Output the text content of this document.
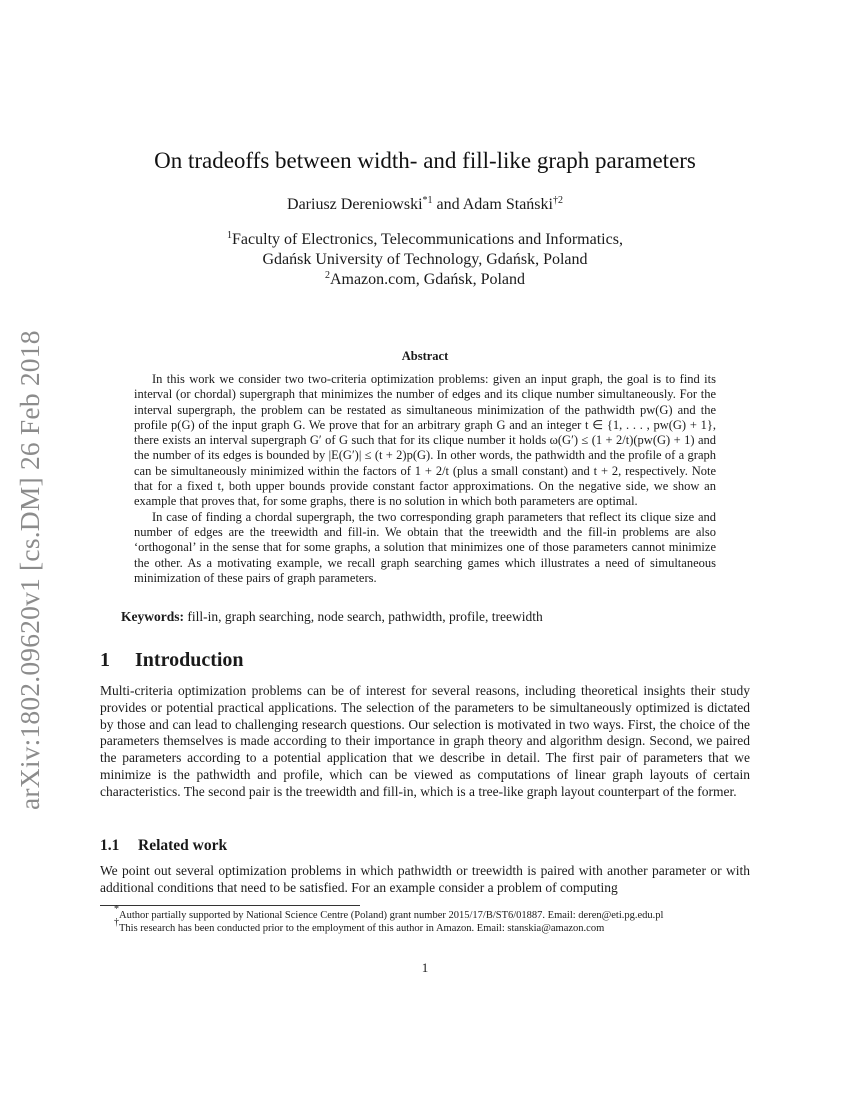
arXiv:1802.09620v1 [cs.DM] 26 Feb 2018
On tradeoffs between width- and fill-like graph parameters
Dariusz Dereniowski$^{*1}$ and Adam Stański$^{\dagger 2}$
$^1$Faculty of Electronics, Telecommunications and Informatics,
Gdańsk University of Technology, Gdańsk, Poland
$^2$Amazon.com, Gdańsk, Poland
Abstract

In this work we consider two two-criteria optimization problems: given an input graph, the goal is to find its interval (or chordal) supergraph that minimizes the number of edges and its clique number simultaneously. For the interval supergraph, the problem can be restated as simultaneous minimization of the pathwidth pw(G) and the profile p(G) of the input graph G. We prove that for an arbitrary graph G and an integer t ∈ {1, . . . , pw(G) + 1}, there exists an interval supergraph G′ of G such that for its clique number it holds ω(G′) ≤ (1 + 2/t)(pw(G) + 1) and the number of its edges is bounded by |E(G′)| ≤ (t + 2)p(G). In other words, the pathwidth and the profile of a graph can be simultaneously minimized within the factors of 1 + 2/t (plus a small constant) and t + 2, respectively. Note that for a fixed t, both upper bounds provide constant factor approximations. On the negative side, we show an example that proves that, for some graphs, there is no solution in which both parameters are optimal.

In case of finding a chordal supergraph, the two corresponding graph parameters that reflect its clique size and number of edges are the treewidth and fill-in. We obtain that the treewidth and the fill-in problems are also ‘orthogonal’ in the sense that for some graphs, a solution that minimizes one of those parameters cannot minimize the other. As a motivating example, we recall graph searching games which illustrates a need of simultaneous minimization of these pairs of graph parameters.

Keywords: fill-in, graph searching, node search, pathwidth, profile, treewidth
1 Introduction
Multi-criteria optimization problems can be of interest for several reasons, including theoretical insights their study provides or potential practical applications. The selection of the parameters to be simultaneously optimized is dictated by those and can lead to challenging research questions. Our selection is motivated in two ways. First, the choice of the parameters themselves is made according to their importance in graph theory and algorithm design. Second, we paired the parameters according to a potential application that we describe in detail. The first pair of parameters that we minimize is the pathwidth and profile, which can be viewed as computations of linear graph layouts of certain characteristics. The second pair is the treewidth and fill-in, which is a tree-like graph layout counterpart of the former.
1.1 Related work
We point out several optimization problems in which pathwidth or treewidth is paired with another parameter or with additional conditions that need to be satisfied. For an example consider a problem of computing

*Author partially supported by National Science Centre (Poland) grant number 2015/17/B/ST6/01887. Email: deren@eti.pg.edu.pl

†This research has been conducted prior to the employment of this author in Amazon. Email: stanskia@amazon.com

1
